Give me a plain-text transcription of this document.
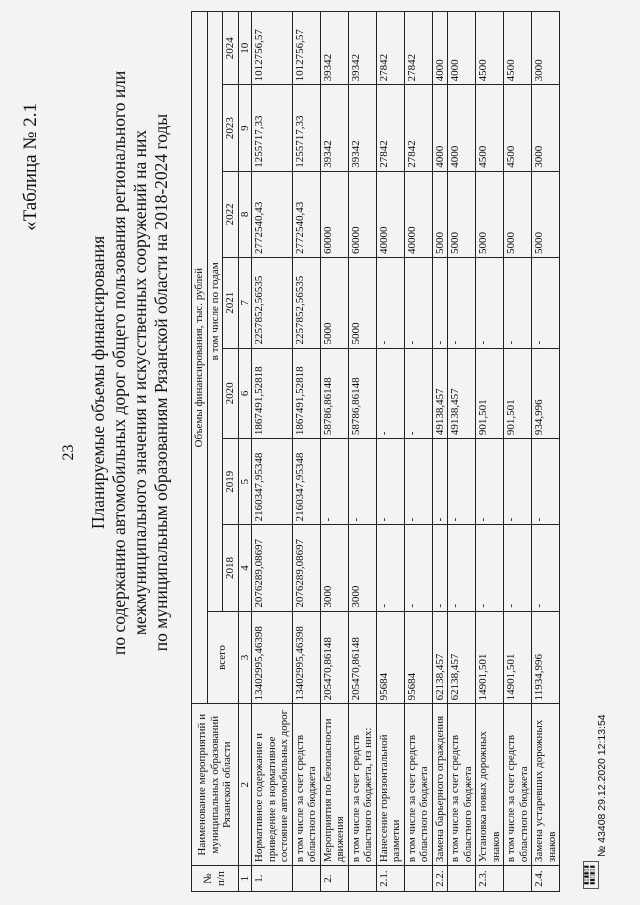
23
«Таблица № 2.1
Планируемые объемы финансирования по содержанию автомобильных дорог общего пользования регионального или межмуниципального значения и искусственных сооружений на них по муниципальным образованиям Рязанской области на 2018-2024 годы
№ п/п	Наименование мероприятий и муниципальных образований Рязанской области	Объемы финансирования, тыс. рублей							
		всего	в том числе по годам						
			2018	2019	2020	2021	2022	2023	2024
1	2	3	4	5	6	7	8	9	10
1.	Нормативное содержание и приведение в нормативное состояние автомобильных дорог	13402995,46398	2076289,08697	2160347,95348	1867491,52818	2257852,56535	2772540,43	1255717,33	1012756,57
	в том числе за счет средств областного бюджета	13402995,46398	2076289,08697	2160347,95348	1867491,52818	2257852,56535	2772540,43	1255717,33	1012756,57
2.	Мероприятия по безопасности движения	205470,86148	3000	-	58786,86148	5000	60000	39342	39342
	в том числе за счет средств областного бюджета, из них:	205470,86148	3000	-	58786,86148	5000	60000	39342	39342
2.1.	Нанесение горизонтальной разметки	95684	-	-	-	-	40000	27842	27842
	в том числе за счет средств областного бюджета	95684	-	-	-	-	40000	27842	27842
2.2.	Замена барьерного ограждения	62138,457	-	-	49138,457	-	5000	4000	4000
	в том числе за счет средств областного бюджета	62138,457	-	-	49138,457	-	5000	4000	4000
2.3.	Установка новых дорожных знаков	14901,501	-	-	901,501	-	5000	4500	4500
	в том числе за счет средств областного бюджета	14901,501	-	-	901,501	-	5000	4500	4500
2.4.	Замена устаревших дорожных знаков	11934,996	-	-	934,996	-	5000	3000	3000
▮▯▮▮▯▮
▮▮▯▮▯▮
№ 43408 29.12.2020 12:13:54
